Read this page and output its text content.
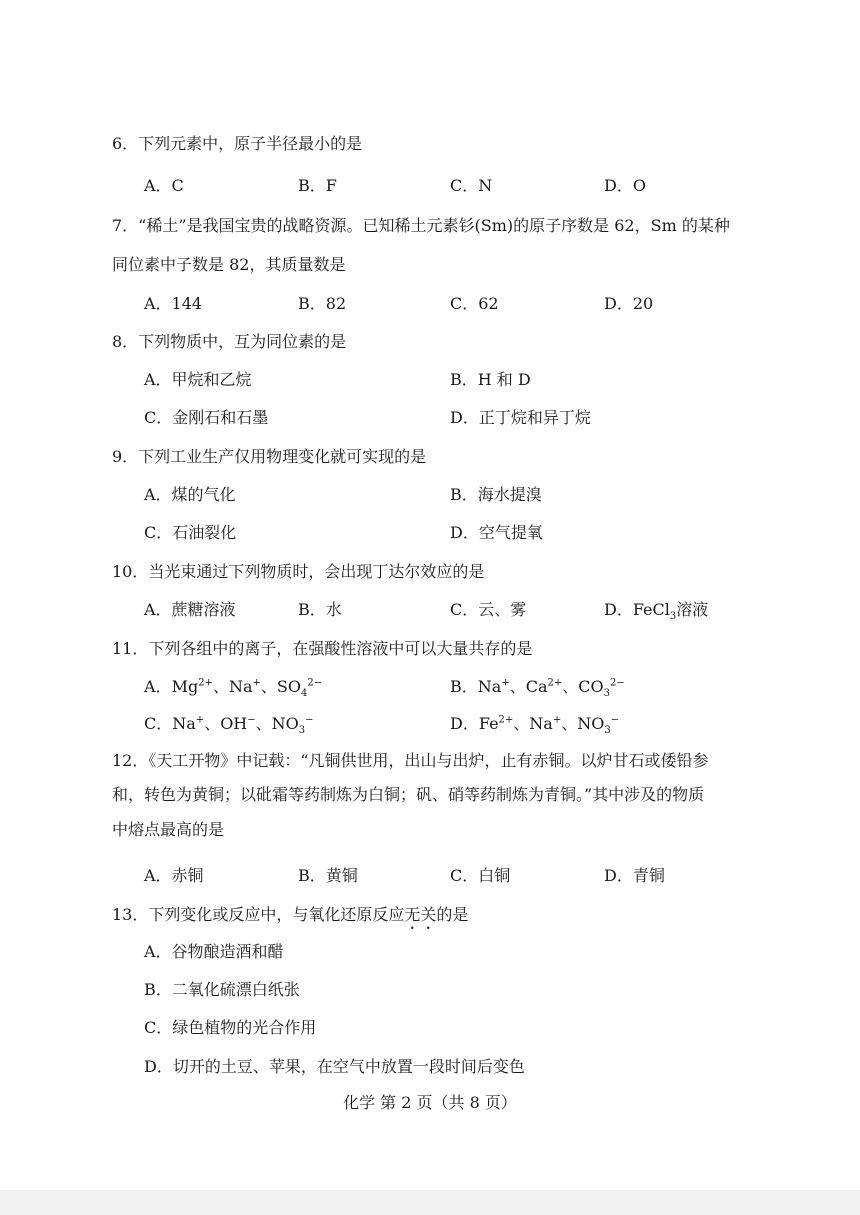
6．下列元素中，原子半径最小的是
A．C	B．F	C．N	D．O
7．“稀土”是我国宝贵的战略资源。已知稀土元素钐(Sm)的原子序数是 62，Sm 的某种
同位素中子数是 82，其质量数是
A．144	B．82	C．62	D．20
8．下列物质中，互为同位素的是
A．甲烷和乙烷	B．H 和 D
C．金刚石和石墨	D．正丁烷和异丁烷
9．下列工业生产仅用物理变化就可实现的是
A．煤的气化	B．海水提溴
C．石油裂化	D．空气提氧
10．当光束通过下列物质时，会出现丁达尔效应的是
A．蔗糖溶液	B．水	C．云、雾	D．FeCl$_3$溶液
11．下列各组中的离子，在强酸性溶液中可以大量共存的是
A．$Mg^{2+}$、Na+、$SO_4^{2-}$	B．Na+、$Ca^{2+}$、$CO_3^{2-}$
C．Na+、OH−、$NO_3^-$	D．$Fe^{2+}$、Na+、$NO_3^-$
12．《天工开物》中记载：“凡铜供世用，出山与出炉，止有赤铜。以炉甘石或倭铅参
和，转色为黄铜；以砒霜等药制炼为白铜；矾、硝等药制炼为青铜。”其中涉及的物质
中熔点最高的是
A．赤铜	B．黄铜	C．白铜	D．青铜
13．下列变化或反应中，与氧化还原反应无关的是
A．谷物酿造酒和醋
B．二氧化硫漂白纸张
C．绿色植物的光合作用
D．切开的土豆、苹果，在空气中放置一段时间后变色
化学 第 2 页（共 8 页）
